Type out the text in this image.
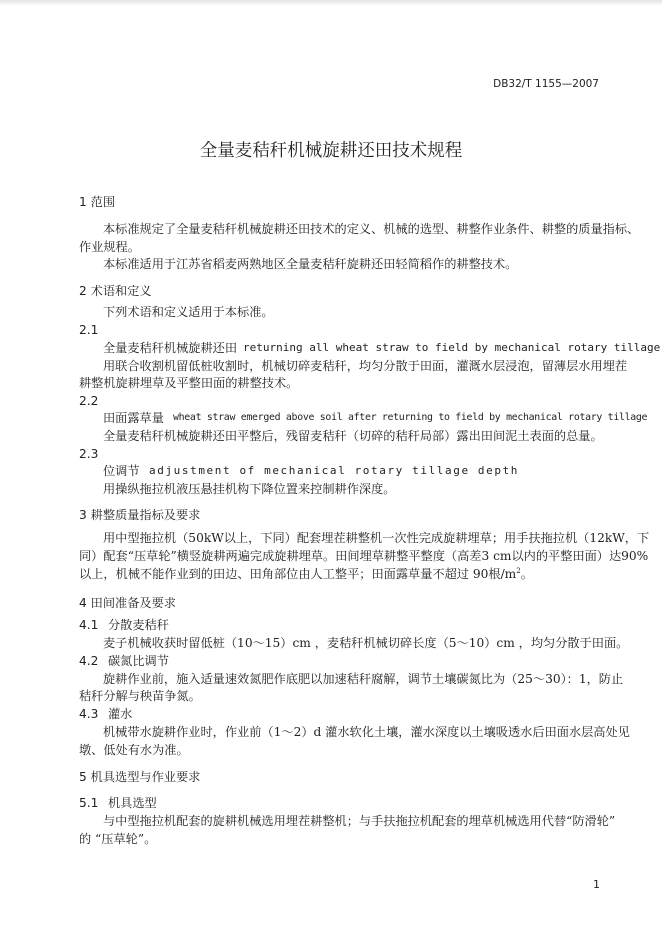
DB32/T 1155—2007
全量麦秸秆机械旋耕还田技术规程
1 范围
本标准规定了全量麦秸秆机械旋耕还田技术的定义、机械的选型、耕整作业条件、耕整的质量指标、
作业规程。
本标准适用于江苏省稻麦两熟地区全量麦秸秆旋耕还田轻简稻作的耕整技术。
2 术语和定义
下列术语和定义适用于本标准。
2.1
全量麦秸秆机械旋耕还田 returning all wheat straw to field by mechanical rotary tillage
用联合收割机留低桩收割时，机械切碎麦秸秆，均匀分散于田面，灌溉水层浸泡，留薄层水用埋茬
耕整机旋耕埋草及平整田面的耕整技术。
2.2
田面露草量 wheat straw emerged above soil after returning to field by mechanical rotary tillage
全量麦秸秆机械旋耕还田平整后，残留麦秸秆（切碎的秸秆局部）露出田间泥土表面的总量。
2.3
位调节 adjustment of mechanical rotary tillage depth
用操纵拖拉机液压悬挂机构下降位置来控制耕作深度。
3 耕整质量指标及要求
用中型拖拉机（50kW以上，下同）配套埋茬耕整机一次性完成旋耕埋草；用手扶拖拉机（12kW，下
同）配套“压草轮”横竖旋耕两遍完成旋耕埋草。田间埋草耕整平整度（高差3 cm以内的平整田面）达90%
以上，机械不能作业到的田边、田角部位由人工整平；田面露草量不超过 90根$/m^2$。
4 田间准备及要求
4.1 分散麦秸秆
麦子机械收获时留低桩（10～15）cm ，麦秸秆机械切碎长度（5～10）cm ，均匀分散于田面。
4.2 碳氮比调节
旋耕作业前，施入适量速效氮肥作底肥以加速秸秆腐解，调节土壤碳氮比为（25～30）：1，防止
秸秆分解与秧苗争氮。
4.3 灌水
机械带水旋耕作业时，作业前（1～2）d 灌水软化土壤，灌水深度以土壤吸透水后田面水层高处见
墩、低处有水为准。
5 机具选型与作业要求
5.1 机具选型
与中型拖拉机配套的旋耕机械选用埋茬耕整机；与手扶拖拉机配套的埋草机械选用代替“防滑轮”
的 “压草轮”。
1
